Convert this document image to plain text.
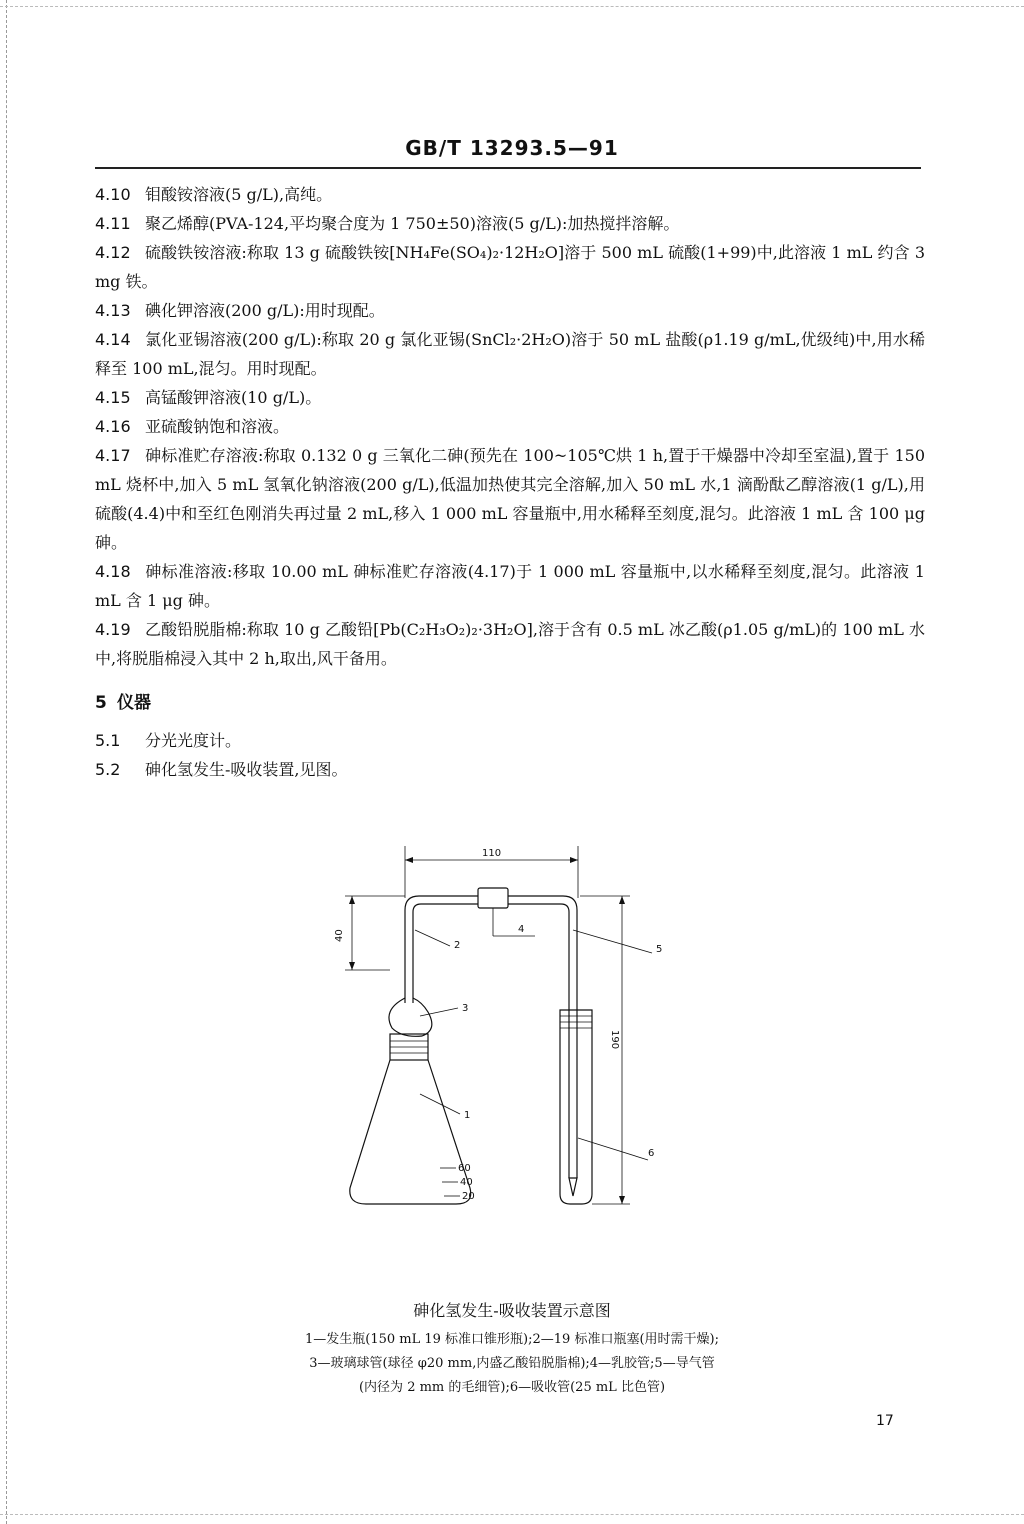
GB/T 13293.5—91

4.10 钼酸铵溶液(5 g/L),高纯。

4.11 聚乙烯醇(PVA-124,平均聚合度为 1 750±50)溶液(5 g/L):加热搅拌溶解。

4.12 硫酸铁铵溶液:称取 13 g 硫酸铁铵[NH₄Fe(SO₄)₂·12H₂O]溶于 500 mL 硫酸(1+99)中,此溶液 1 mL 约含 3 mg 铁。

4.13 碘化钾溶液(200 g/L):用时现配。

4.14 氯化亚锡溶液(200 g/L):称取 20 g 氯化亚锡(SnCl₂·2H₂O)溶于 50 mL 盐酸(ρ1.19 g/mL,优级纯)中,用水稀释至 100 mL,混匀。用时现配。

4.15 高锰酸钾溶液(10 g/L)。

4.16 亚硫酸钠饱和溶液。

4.17 砷标准贮存溶液:称取 0.132 0 g 三氧化二砷(预先在 100~105℃烘 1 h,置于干燥器中冷却至室温),置于 150 mL 烧杯中,加入 5 mL 氢氧化钠溶液(200 g/L),低温加热使其完全溶解,加入 50 mL 水,1 滴酚酞乙醇溶液(1 g/L),用硫酸(4.4)中和至红色刚消失再过量 2 mL,移入 1 000 mL 容量瓶中,用水稀释至刻度,混匀。此溶液 1 mL 含 100 μg 砷。

4.18 砷标准溶液:移取 10.00 mL 砷标准贮存溶液(4.17)于 1 000 mL 容量瓶中,以水稀释至刻度,混匀。此溶液 1 mL 含 1 μg 砷。

4.19 乙酸铅脱脂棉:称取 10 g 乙酸铅[Pb(C₂H₃O₂)₂·3H₂O],溶于含有 0.5 mL 冰乙酸(ρ1.05 g/mL)的 100 mL 水中,将脱脂棉浸入其中 2 h,取出,风干备用。

5 仪器

5.1 分光光度计。

5.2 砷化氢发生-吸收装置,见图。

110
40
190
60
40
20
2
3
4
5
1
6
砷化氢发生-吸收装置示意图
1—发生瓶(150 mL 19 标准口锥形瓶);2—19 标准口瓶塞(用时需干燥);
3—玻璃球管(球径 φ20 mm,内盛乙酸铅脱脂棉);4—乳胶管;5—导气管
(内径为 2 mm 的毛细管);6—吸收管(25 mL 比色管)
17
